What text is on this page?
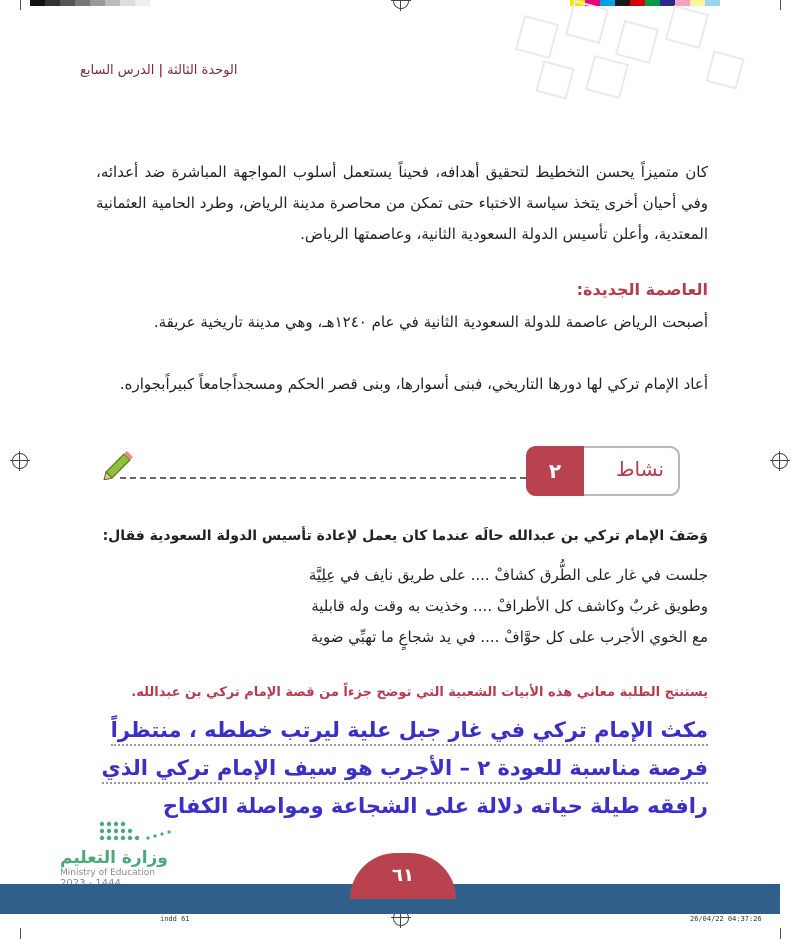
الوحدة الثالثة|الدرس السابع
كان متميزاً يحسن التخطيط لتحقيق أهدافه، فحيناً يستعمل أسلوب المواجهة المباشرة ضد أعدائه، وفي أحيان أخرى يتخذ سياسة الاختباء حتى تمكن من محاصرة مدينة الرياض، وطرد الحامية العثمانية المعتدية، وأعلن تأسيس الدولة السعودية الثانية، وعاصمتها الرياض.
العاصمة الجديدة:
أصبحت الرياض عاصمة للدولة السعودية الثانية في عام ١٢٤٠هـ، وهي مدينة تاريخية عريقة.
أعاد الإمام تركي لها دورها التاريخي، فبنى أسوارها، وبنى قصر الحكم ومسجداًجامعاً كبيراًبجواره.
٢	نشاط
وَصَفَ الإمام تركي بن عبدالله حالَه عندما كان يعمل لإعادة تأسيس الدولة السعودية فقال:
جلست في غار على الطُّرق كشافْ .... على طريق نايف في عِلِيَّة
وطويق غربٌ وكاشف كل الأطرافْ .... وخذيت به وقت وله قابلية
مع الخوي الأجرب على كل حوَّافْ .... في يد شجاعٍ ما تهبِّي ضوية
يستنتج الطلبة معاني هذه الأبيات الشعبية التي توضح جزءاً من قصة الإمام تركي بن عبدالله.
مكث الإمام تركي في غار جبل علية ليرتب خططه ، منتظراً
فرصة مناسبة للعودة ٢ – الأجرب هو سيف الإمام تركي الذي
رافقه طيلة حياته دلالة على الشجاعة ومواصلة الكفاح
وزارة التعليم
Ministry of Education	٦١
indd 61	26/04/22 04:37:26
